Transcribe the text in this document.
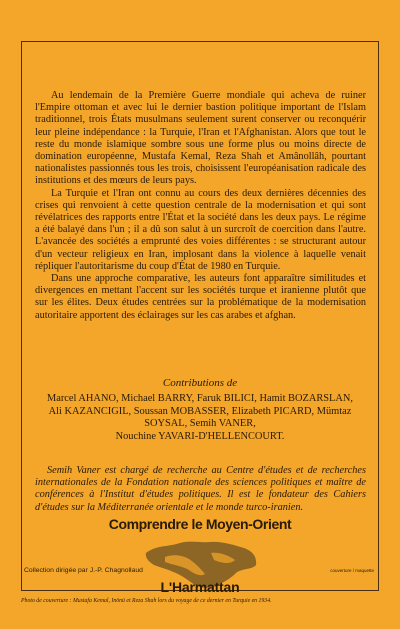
Au lendemain de la Première Guerre mondiale qui acheva de ruiner l'Empire ottoman et avec lui le dernier bastion politique important de l'Islam traditionnel, trois États musulmans seulement surent conserver ou reconquérir leur pleine indépendance : la Turquie, l'Iran et l'Afghanistan. Alors que tout le reste du monde islamique sombre sous une forme plus ou moins directe de domination européenne, Mustafa Kemal, Reza Shah et Amânollâh, pourtant nationalistes passionnés tous les trois, choisissent l'européanisation radicale des institutions et des mœurs de leurs pays.

La Turquie et l'Iran ont connu au cours des deux dernières décennies des crises qui renvoient à cette question centrale de la modernisation et qui sont révélatrices des rapports entre l'État et la société dans les deux pays. Le régime a été balayé dans l'un ; il a dû son salut à un surcroît de coercition dans l'autre. L'avancée des sociétés a emprunté des voies différentes : se structurant autour d'un vecteur religieux en Iran, implosant dans la violence à laquelle venait répliquer l'autoritarisme du coup d'État de 1980 en Turquie.

Dans une approche comparative, les auteurs font apparaître similitudes et divergences en mettant l'accent sur les sociétés turque et iranienne plutôt que sur les élites. Deux études centrées sur la problématique de la modernisation autoritaire apportent des éclairages sur les cas arabes et afghan.

Contributions de
Marcel AHANO, Michael BARRY, Faruk BILICI, Hamit BOZARSLAN,
Ali KAZANCIGIL, Soussan MOBASSER, Elizabeth PICARD, Mümtaz
SOYSAL, Semih VANER,
Nouchine YAVARI-D'HELLENCOURT.
Semih Vaner est chargé de recherche au Centre d'études et de recherches internationales de la Fondation nationale des sciences politiques et maître de conférences à l'Institut d'études politiques. Il est le fondateur des Cahiers d'études sur la Méditerranée orientale et le monde turco-iranien.
Comprendre le Moyen-Orient
Collection dirigée par J.-P. Chagnollaud	couverture / maquette
L'Harmattan
Photo de couverture : Mustafa Kemal, Inönü et Reza Shah lors du voyage de ce dernier en Turquie en 1934.
